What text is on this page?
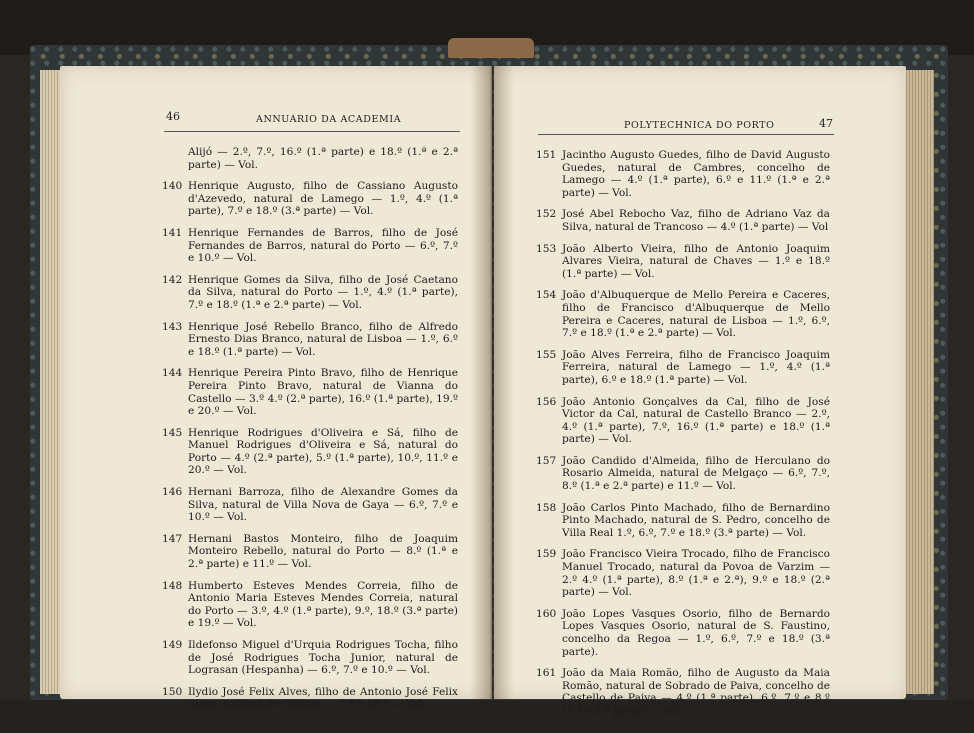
46	ANNUARIO DA ACADEMIA
Alijó — 2.º, 7.º, 16.º (1.ª parte) e 18.º (1.ª e 2.ª parte) — Vol.
140 Henrique Augusto, filho de Cassiano Augusto d'Azevedo, natural de Lamego — 1.º, 4.º (1.ª parte), 7.º e 18.º (3.ª parte) — Vol.
141 Henrique Fernandes de Barros, filho de José Fernandes de Barros, natural do Porto — 6.º, 7.º e 10.º — Vol.
142 Henrique Gomes da Silva, filho de José Caetano da Silva, natural do Porto — 1.º, 4.º (1.ª parte), 7.º e 18.º (1.ª e 2.ª parte) — Vol.
143 Henrique José Rebello Branco, filho de Alfredo Ernesto Dias Branco, natural de Lisboa — 1.º, 6.º e 18.º (1.ª parte) — Vol.
144 Henrique Pereira Pinto Bravo, filho de Henrique Pereira Pinto Bravo, natural de Vianna do Castello — 3.º 4.º (2.ª parte), 16.º (1.ª parte), 19.º e 20.º — Vol.
145 Henrique Rodrigues d'Oliveira e Sá, filho de Manuel Rodrigues d'Oliveira e Sá, natural do Porto — 4.º (2.ª parte), 5.º (1.ª parte), 10.º, 11.º e 20.º — Vol.
146 Hernani Barroza, filho de Alexandre Gomes da Silva, natural de Villa Nova de Gaya — 6.º, 7.º e 10.º — Vol.
147 Hernani Bastos Monteiro, filho de Joaquim Monteiro Rebello, natural do Porto — 8.º (1.ª e 2.ª parte) e 11.º — Vol.
148 Humberto Esteves Mendes Correia, filho de Antonio Maria Esteves Mendes Correia, natural do Porto — 3.º, 4.º (1.ª parte), 9.º, 18.º (3.ª parte) e 19.º — Vol.
149 Ildefonso Miguel d'Urquia Rodrigues Tocha, filho de José Rodrigues Tocha Junior, natural de Lograsan (Hespanha) — 6.º, 7.º e 10.º — Vol.
150 Ilydio José Felix Alves, filho de Antonio José Felix Alves, natural de Chaves — 7.º e 10.º — Vol.
POLYTECHNICA DO PORTO	47
151 Jacintho Augusto Guedes, filho de David Augusto Guedes, natural de Cambres, concelho de Lamego — 4.º (1.ª parte), 6.º e 11.º (1.ª e 2.ª parte) — Vol.
152 José Abel Rebocho Vaz, filho de Adriano Vaz da Silva, natural de Trancoso — 4.º (1.ª parte) — Vol
153 João Alberto Vieira, filho de Antonio Joaquim Alvares Vieira, natural de Chaves — 1.º e 18.º (1.ª parte) — Vol.
154 João d'Albuquerque de Mello Pereira e Caceres, filho de Francisco d'Albuquerque de Mello Pereira e Caceres, natural de Lisboa — 1.º, 6.º, 7.º e 18.º (1.ª e 2.ª parte) — Vol.
155 João Alves Ferreira, filho de Francisco Joaquim Ferreira, natural de Lamego — 1.º, 4.º (1.ª parte), 6.º e 18.º (1.ª parte) — Vol.
156 João Antonio Gonçalves da Cal, filho de José Victor da Cal, natural de Castello Branco — 2.º, 4.º (1.ª parte), 7.º, 16.º (1.ª parte) e 18.º (1.ª parte) — Vol.
157 João Candido d'Almeida, filho de Herculano do Rosario Almeida, natural de Melgaço — 6.º, 7.º, 8.º (1.ª e 2.ª parte) e 11.º — Vol.
158 João Carlos Pinto Machado, filho de Bernardino Pinto Machado, natural de S. Pedro, concelho de Villa Real 1.º, 6.º, 7.º e 18.º (3.ª parte) — Vol.
159 João Francisco Vieira Trocado, filho de Francisco Manuel Trocado, natural da Povoa de Varzim — 2.º 4.º (1.ª parte), 8.º (1.ª e 2.ª), 9.º e 18.º (2.ª parte) — Vol.
160 João Lopes Vasques Osorio, filho de Bernardo Lopes Vasques Osorio, natural de S. Faustino, concelho da Regoa — 1.º, 6.º, 7.º e 18.º (3.ª parte).
161 João da Maia Romão, filho de Augusto da Maia Romão, natural de Sobrado de Paiva, concelho de Castello de Paiva — 4.º (1.ª parte), 6.º, 7.º e 8.º (1.ª e 2.ª parte) — Vol.
